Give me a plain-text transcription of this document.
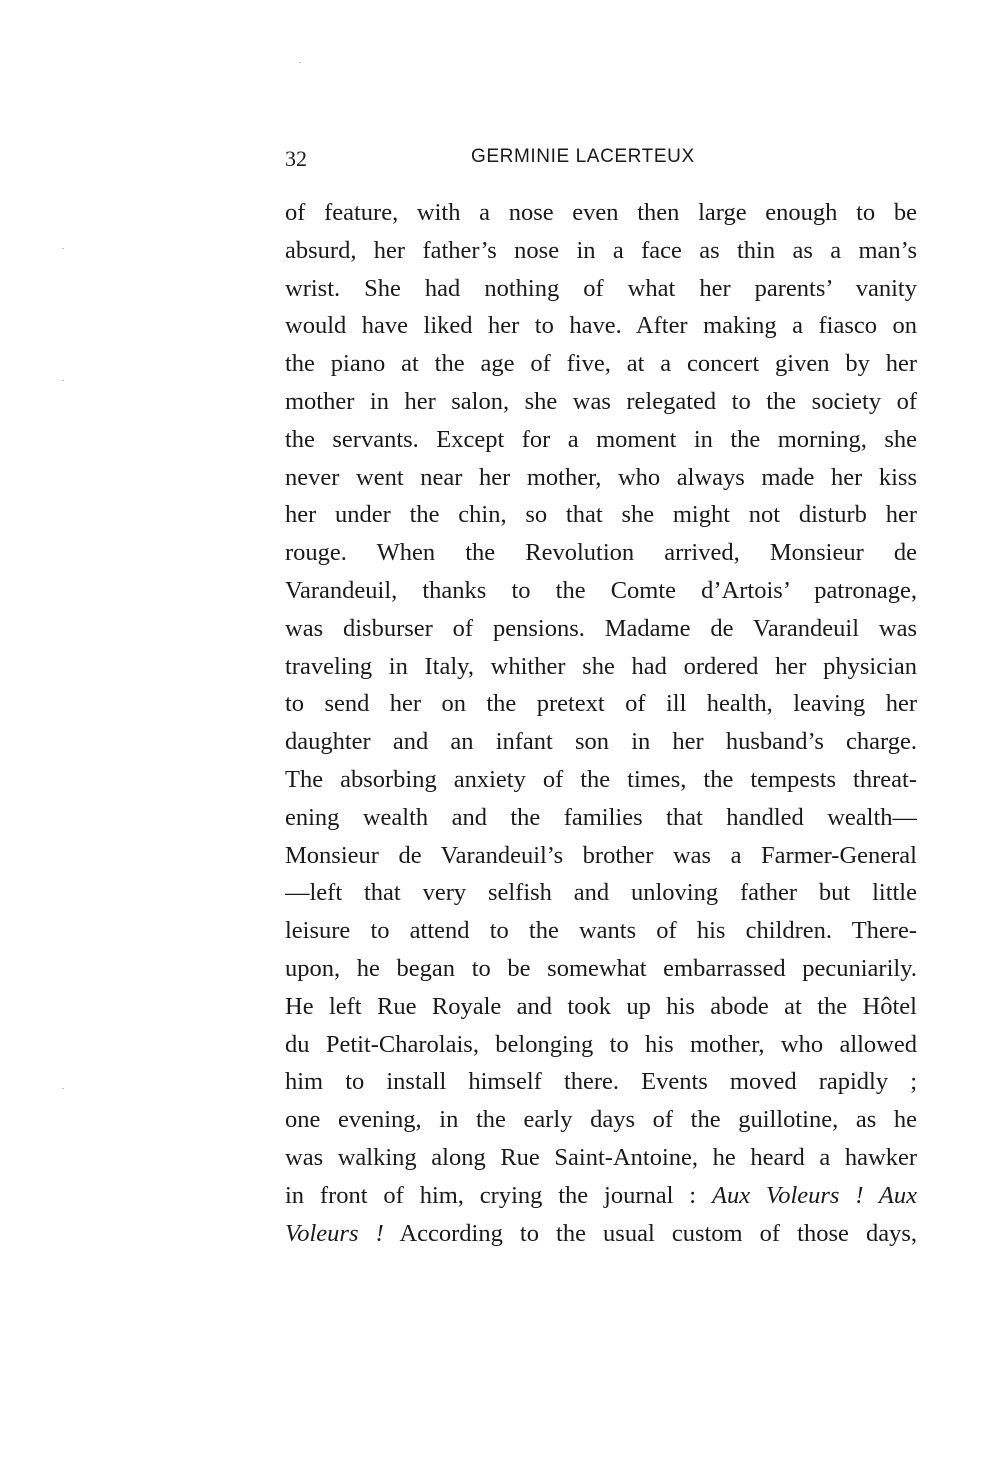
32	GERMINIE LACERTEUX
of feature, with a nose even then large enough to be
absurd, her father’s nose in a face as thin as a man’s
wrist. She had nothing of what her parents’ vanity
would have liked her to have. After making a fiasco on
the piano at the age of five, at a concert given by her
mother in her salon, she was relegated to the society of
the servants. Except for a moment in the morning, she
never went near her mother, who always made her kiss
her under the chin, so that she might not disturb her
rouge. When the Revolution arrived, Monsieur de
Varandeuil, thanks to the Comte d’Artois’ patronage,
was disburser of pensions. Madame de Varandeuil was
traveling in Italy, whither she had ordered her physician
to send her on the pretext of ill health, leaving her
daughter and an infant son in her husband’s charge.
The absorbing anxiety of the times, the tempests threat-
ening wealth and the families that handled wealth—
Monsieur de Varandeuil’s brother was a Farmer-General
—left that very selfish and unloving father but little
leisure to attend to the wants of his children. There-
upon, he began to be somewhat embarrassed pecuniarily.
He left Rue Royale and took up his abode at the Hôtel
du Petit-Charolais, belonging to his mother, who allowed
him to install himself there. Events moved rapidly ;
one evening, in the early days of the guillotine, as he
was walking along Rue Saint-Antoine, he heard a hawker
in front of him, crying the journal : Aux Voleurs ! Aux
Voleurs ! According to the usual custom of those days,
